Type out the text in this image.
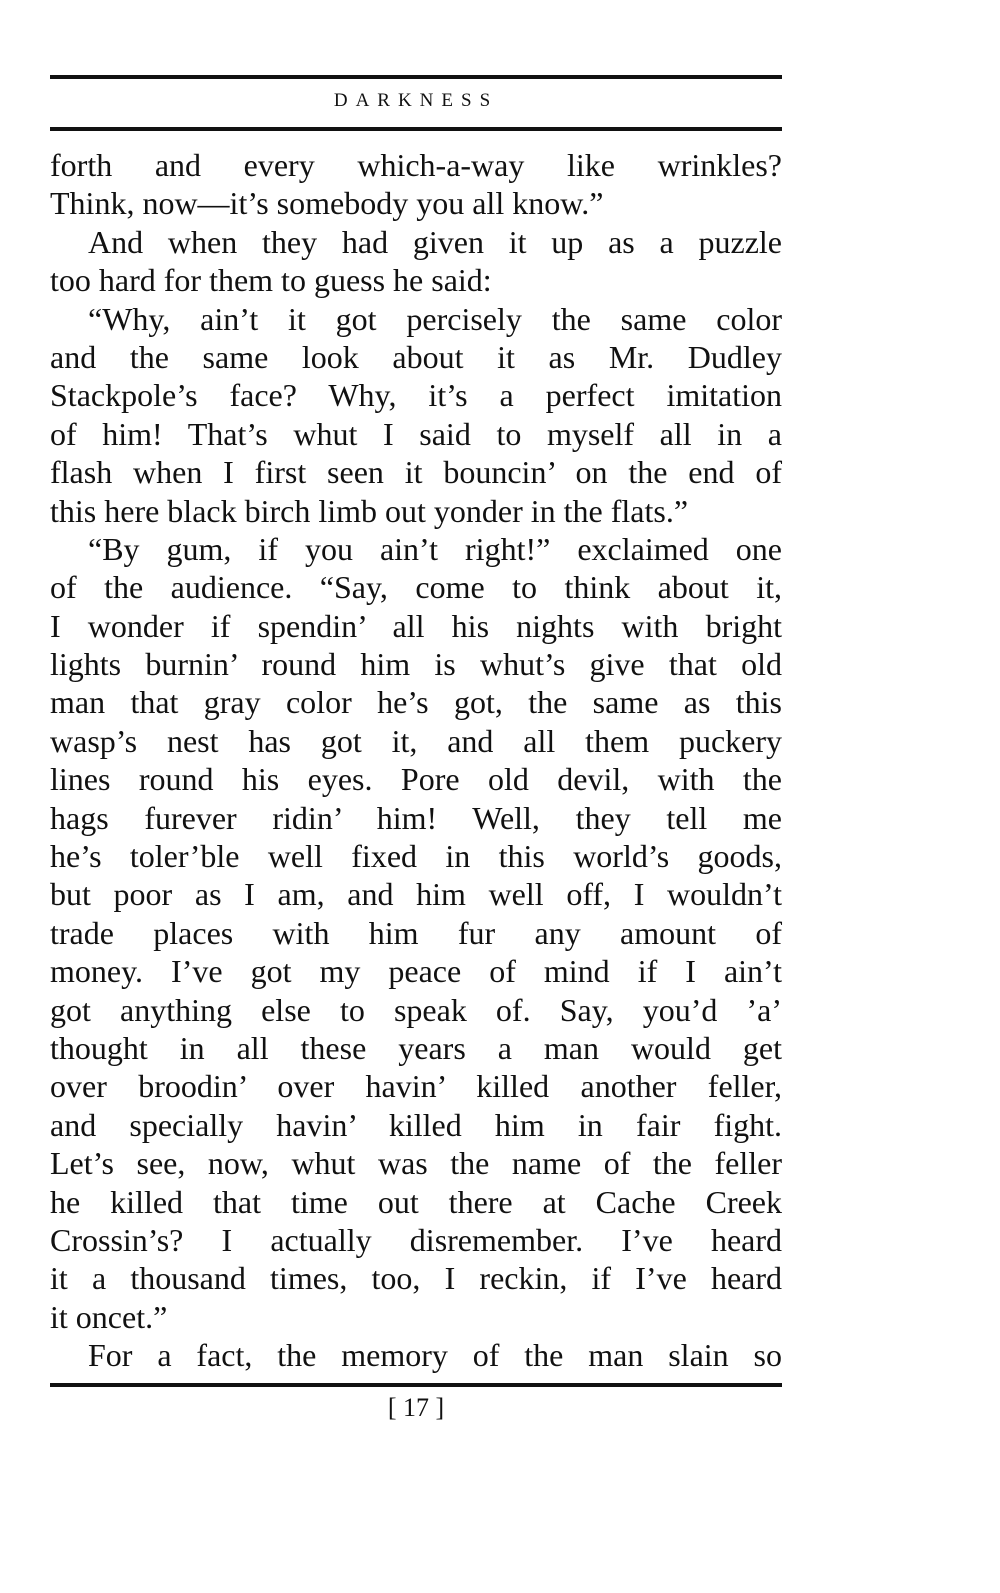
DARKNESS
forth and every which-a-way like wrinkles?
Think, now—it’s somebody you all know.”
And when they had given it up as a puzzle
too hard for them to guess he said:
“Why, ain’t it got percisely the same color
and the same look about it as Mr. Dudley
Stackpole’s face? Why, it’s a perfect imitation
of him! That’s whut I said to myself all in a
flash when I first seen it bouncin’ on the end of
this here black birch limb out yonder in the flats.”
“By gum, if you ain’t right!” exclaimed one
of the audience. “Say, come to think about it,
I wonder if spendin’ all his nights with bright
lights burnin’ round him is whut’s give that old
man that gray color he’s got, the same as this
wasp’s nest has got it, and all them puckery
lines round his eyes. Pore old devil, with the
hags furever ridin’ him! Well, they tell me
he’s toler’ble well fixed in this world’s goods,
but poor as I am, and him well off, I wouldn’t
trade places with him fur any amount of
money. I’ve got my peace of mind if I ain’t
got anything else to speak of. Say, you’d ’a’
thought in all these years a man would get
over broodin’ over havin’ killed another feller,
and specially havin’ killed him in fair fight.
Let’s see, now, whut was the name of the feller
he killed that time out there at Cache Creek
Crossin’s? I actually disremember. I’ve heard
it a thousand times, too, I reckin, if I’ve heard
it oncet.”
For a fact, the memory of the man slain so
[ 17 ]
